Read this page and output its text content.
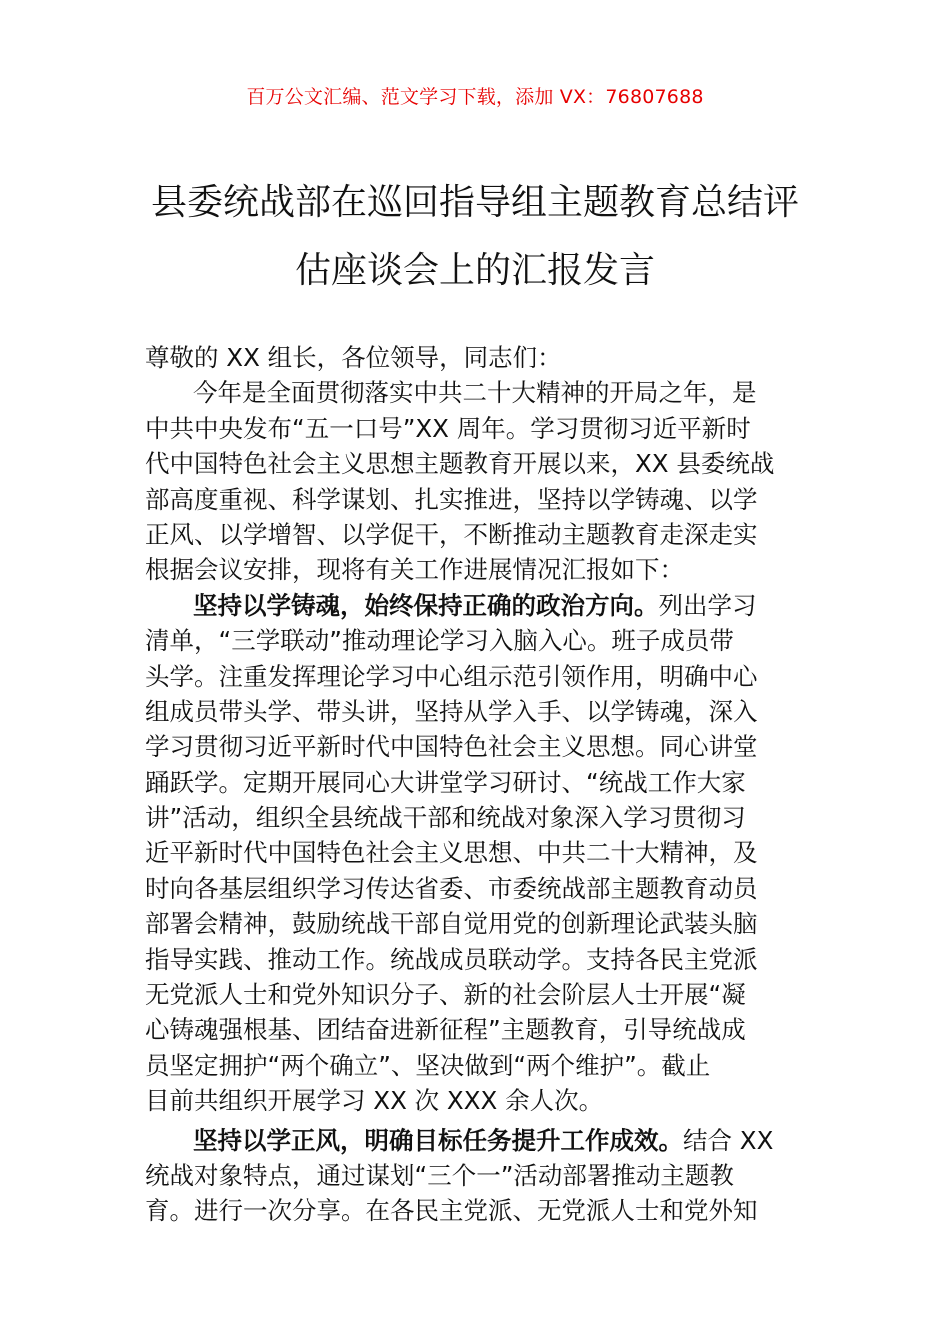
百万公文汇编、范文学习下载，添加 VX：76807688
县委统战部在巡回指导组主题教育总结评
估座谈会上的汇报发言
尊敬的 XX 组长，各位领导，同志们：
今年是全面贯彻落实中共二十大精神的开局之年，是
中共中央发布“五一口号”XX 周年。学习贯彻习近平新时
代中国特色社会主义思想主题教育开展以来，XX 县委统战
部高度重视、科学谋划、扎实推进，坚持以学铸魂、以学
正风、以学增智、以学促干，不断推动主题教育走深走实
根据会议安排，现将有关工作进展情况汇报如下：
坚持以学铸魂，始终保持正确的政治方向。列出学习
清单，“三学联动”推动理论学习入脑入心。班子成员带
头学。注重发挥理论学习中心组示范引领作用，明确中心
组成员带头学、带头讲，坚持从学入手、以学铸魂，深入
学习贯彻习近平新时代中国特色社会主义思想。同心讲堂
踊跃学。定期开展同心大讲堂学习研讨、“统战工作大家
讲”活动，组织全县统战干部和统战对象深入学习贯彻习
近平新时代中国特色社会主义思想、中共二十大精神，及
时向各基层组织学习传达省委、市委统战部主题教育动员
部署会精神，鼓励统战干部自觉用党的创新理论武装头脑
指导实践、推动工作。统战成员联动学。支持各民主党派
无党派人士和党外知识分子、新的社会阶层人士开展“凝
心铸魂强根基、团结奋进新征程”主题教育，引导统战成
员坚定拥护“两个确立”、坚决做到“两个维护”。截止
目前共组织开展学习 XX 次 XXX 余人次。
坚持以学正风，明确目标任务提升工作成效。结合 XX
统战对象特点，通过谋划“三个一”活动部署推动主题教
育。进行一次分享。在各民主党派、无党派人士和党外知
